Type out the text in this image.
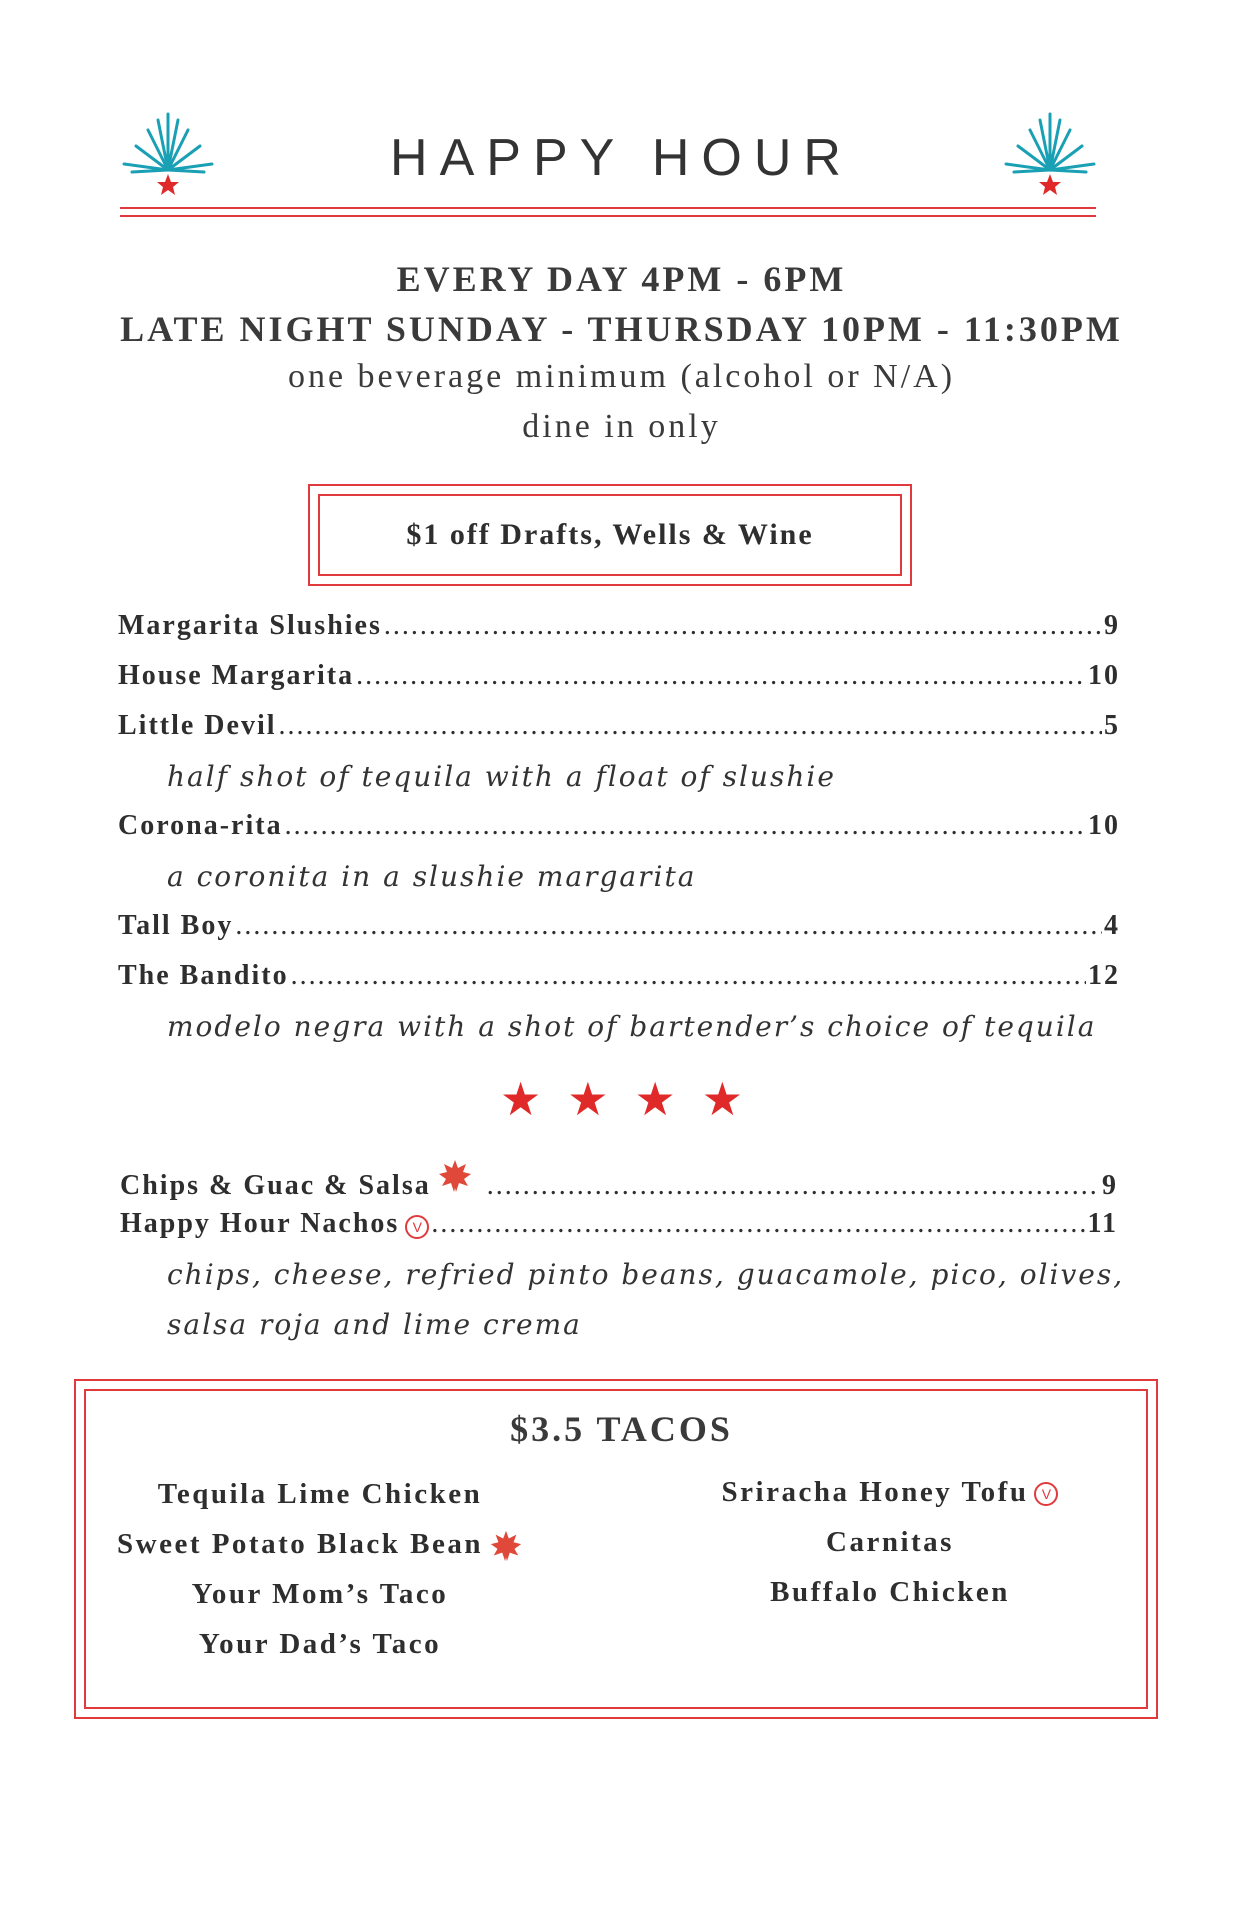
HAPPY HOUR
EVERY DAY 4PM - 6PM
LATE NIGHT SUNDAY - THURSDAY 10PM - 11:30PM
one beverage minimum (alcohol or N/A)
dine in only
$1 off Drafts, Wells & Wine
Margarita Slushies .....	9
House Margarita .....	10
Little Devil .....	5
half shot of tequila with a float of slushie
Corona-rita .....	10
a coronita in a slushie margarita
Tall Boy .....	4
The Bandito .....	12
modelo negra with a shot of bartender’s choice of tequila
★ ★ ★ ★
Chips & Guac & Salsa .....	9
Happy Hour Nachos V .....	11
chips, cheese, refried pinto beans, guacamole, pico, olives,
salsa roja and lime crema
$3.5 TACOS
Tequila Lime Chicken
Sweet Potato Black Bean
Your Mom’s Taco
Your Dad’s Taco
Sriracha Honey Tofu V
Carnitas
Buffalo Chicken
